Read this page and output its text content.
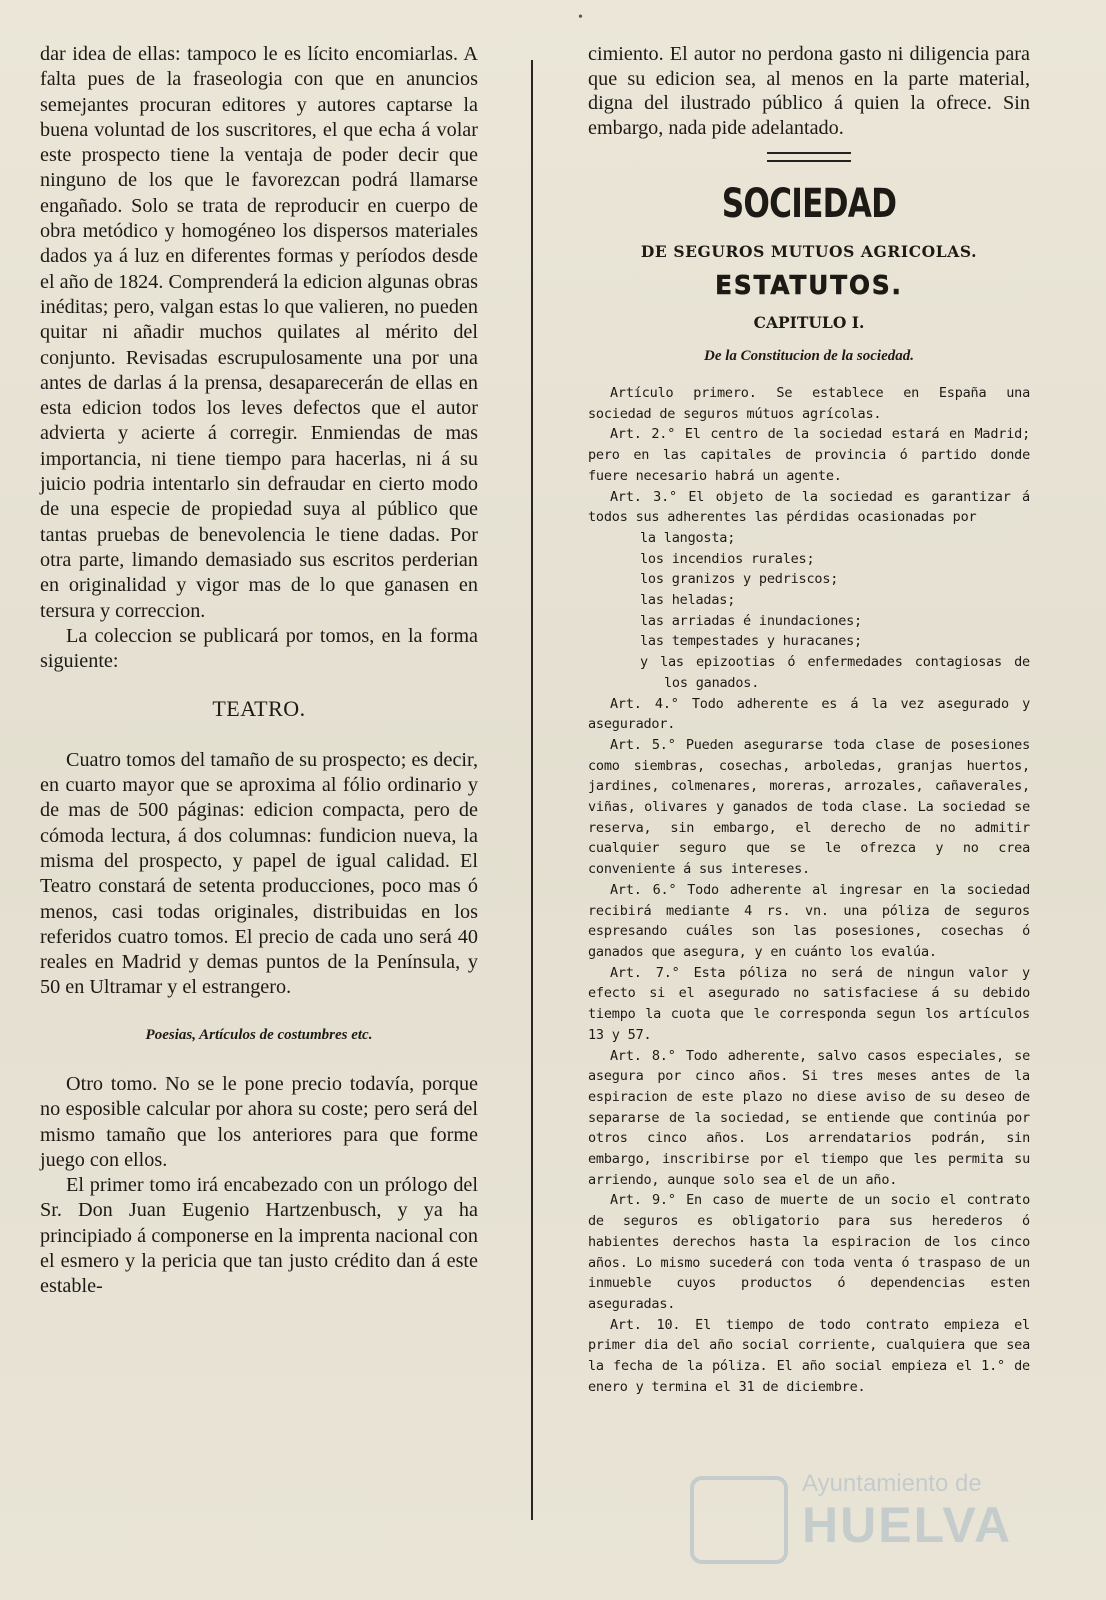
•

dar idea de ellas: tampoco le es lícito encomiarlas. A falta pues de la fraseologia con que en anuncios semejantes procuran editores y autores captarse la buena voluntad de los suscritores, el que echa á volar este prospecto tiene la ventaja de poder decir que ninguno de los que le favorezcan podrá llamarse engañado. Solo se trata de reproducir en cuerpo de obra metódico y homogéneo los dispersos materiales dados ya á luz en diferentes formas y períodos desde el año de 1824. Comprenderá la edicion algunas obras inéditas; pero, valgan estas lo que valieren, no pueden quitar ni añadir muchos quilates al mérito del conjunto. Revisadas escrupulosamente una por una antes de darlas á la prensa, desaparecerán de ellas en esta edicion todos los leves defectos que el autor advierta y acierte á corregir. Enmiendas de mas importancia, ni tiene tiempo para hacerlas, ni á su juicio podria intentarlo sin defraudar en cierto modo de una especie de propiedad suya al público que tantas pruebas de benevolencia le tiene dadas. Por otra parte, limando demasiado sus escritos perderian en originalidad y vigor mas de lo que ganasen en tersura y correccion.

La coleccion se publicará por tomos, en la forma siguiente:

TEATRO.

Cuatro tomos del tamaño de su prospecto; es decir, en cuarto mayor que se aproxima al fólio ordinario y de mas de 500 páginas: edicion compacta, pero de cómoda lectura, á dos columnas: fundicion nueva, la misma del prospecto, y papel de igual calidad. El Teatro constará de setenta producciones, poco mas ó menos, casi todas originales, distribuidas en los referidos cuatro tomos. El precio de cada uno será 40 reales en Madrid y demas puntos de la Península, y 50 en Ultramar y el estrangero.

Poesias, Artículos de costumbres etc.

Otro tomo. No se le pone precio todavía, porque no esposible calcular por ahora su coste; pero será del mismo tamaño que los anteriores para que forme juego con ellos.

El primer tomo irá encabezado con un prólogo del Sr. Don Juan Eugenio Hartzenbusch, y ya ha principiado á componerse en la imprenta nacional con el esmero y la pericia que tan justo crédito dan á este estable-

cimiento. El autor no perdona gasto ni diligencia para que su edicion sea, al menos en la parte material, digna del ilustrado público á quien la ofrece. Sin embargo, nada pide adelantado.

SOCIEDAD
DE SEGUROS MUTUOS AGRICOLAS.
ESTATUTOS.
CAPITULO I.
De la Constitucion de la sociedad.

Artículo primero. Se establece en España una sociedad de seguros mútuos agrícolas.

Art. 2.° El centro de la sociedad estará en Madrid; pero en las capitales de provincia ó partido donde fuere necesario habrá un agente.

Art. 3.° El objeto de la sociedad es garantizar á todos sus adherentes las pérdidas ocasionadas por

la langosta;
los incendios rurales;
los granizos y pedriscos;
las heladas;
las arriadas é inundaciones;
las tempestades y huracanes;
y las epizootias ó enfermedades contagiosas de los ganados.

Art. 4.° Todo adherente es á la vez asegurado y asegurador.

Art. 5.° Pueden asegurarse toda clase de posesiones como siembras, cosechas, arboledas, granjas huertos, jardines, colmenares, moreras, arrozales, cañaverales, viñas, olivares y ganados de toda clase. La sociedad se reserva, sin embargo, el derecho de no admitir cualquier seguro que se le ofrezca y no crea conveniente á sus intereses.

Art. 6.° Todo adherente al ingresar en la sociedad recibirá mediante 4 rs. vn. una póliza de seguros espresando cuáles son las posesiones, cosechas ó ganados que asegura, y en cuánto los evalúa.

Art. 7.° Esta póliza no será de ningun valor y efecto si el asegurado no satisfaciese á su debido tiempo la cuota que le corresponda segun los artículos 13 y 57.

Art. 8.° Todo adherente, salvo casos especiales, se asegura por cinco años. Si tres meses antes de la espiracion de este plazo no diese aviso de su deseo de separarse de la sociedad, se entiende que continúa por otros cinco años. Los arrendatarios podrán, sin embargo, inscribirse por el tiempo que les permita su arriendo, aunque solo sea el de un año.

Art. 9.° En caso de muerte de un socio el contrato de seguros es obligatorio para sus herederos ó habientes derechos hasta la espiracion de los cinco años. Lo mismo sucederá con toda venta ó traspaso de un inmueble cuyos productos ó dependencias esten aseguradas.

Art. 10. El tiempo de todo contrato empieza el primer dia del año social corriente, cualquiera que sea la fecha de la póliza. El año social empieza el 1.° de enero y termina el 31 de diciembre.

Ayuntamiento de
HUELVA
